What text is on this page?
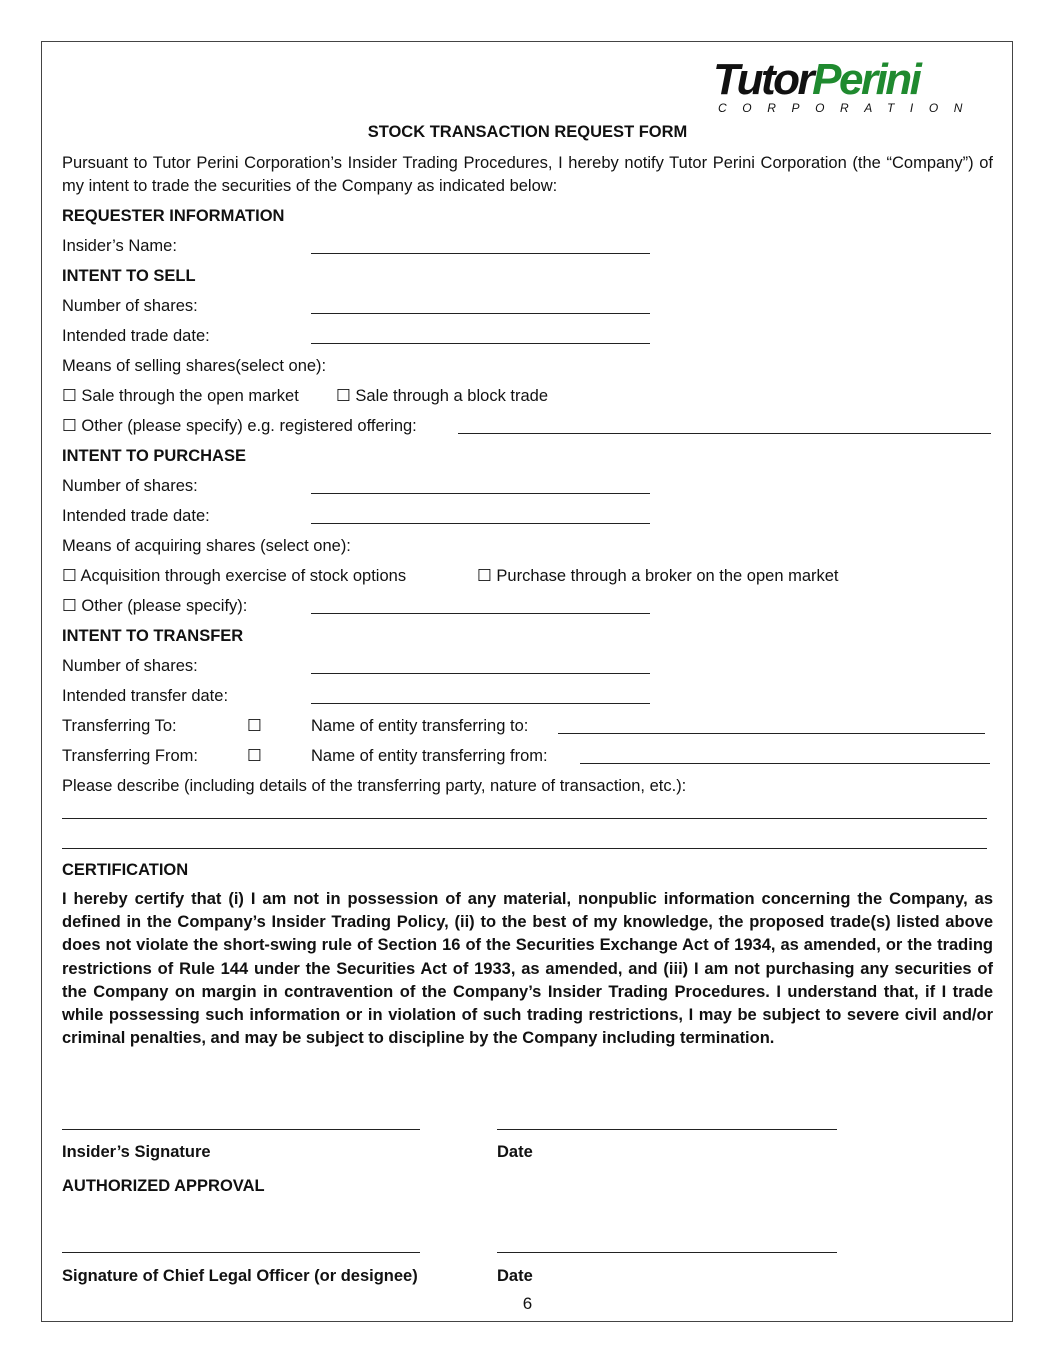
TutorPerini
CORPORATION
STOCK TRANSACTION REQUEST FORM
Pursuant to Tutor Perini Corporation’s Insider Trading Procedures, I hereby notify Tutor Perini Corporation (the “Company”) of my intent to trade the securities of the Company as indicated below:
REQUESTER INFORMATION
Insider’s Name:
INTENT TO SELL
Number of shares:
Intended trade date:
Means of selling shares(select one):
☐ Sale through the open market ☐ Sale through a block trade
☐ Other (please specify) e.g. registered offering:
INTENT TO PURCHASE
Number of shares:
Intended trade date:
Means of acquiring shares (select one):
☐ Acquisition through exercise of stock options	☐ Purchase through a broker on the open market
☐ Other (please specify):
INTENT TO TRANSFER
Number of shares:
Intended transfer date:
Transferring To:	☐	Name of entity transferring to:
Transferring From:	☐	Name of entity transferring from:
Please describe (including details of the transferring party, nature of transaction, etc.):
CERTIFICATION
I hereby certify that (i) I am not in possession of any material, nonpublic information concerning the Company, as defined in the Company’s Insider Trading Policy, (ii) to the best of my knowledge, the proposed trade(s) listed above does not violate the short-swing rule of Section 16 of the Securities Exchange Act of 1934, as amended, or the trading restrictions of Rule 144 under the Securities Act of 1933, as amended, and (iii) I am not purchasing any securities of the Company on margin in contravention of the Company’s Insider Trading Procedures. I understand that, if I trade while possessing such information or in violation of such trading restrictions, I may be subject to severe civil and/or criminal penalties, and may be subject to discipline by the Company including termination.
Insider’s Signature	Date
AUTHORIZED APPROVAL
Signature of Chief Legal Officer (or designee)	Date
6
